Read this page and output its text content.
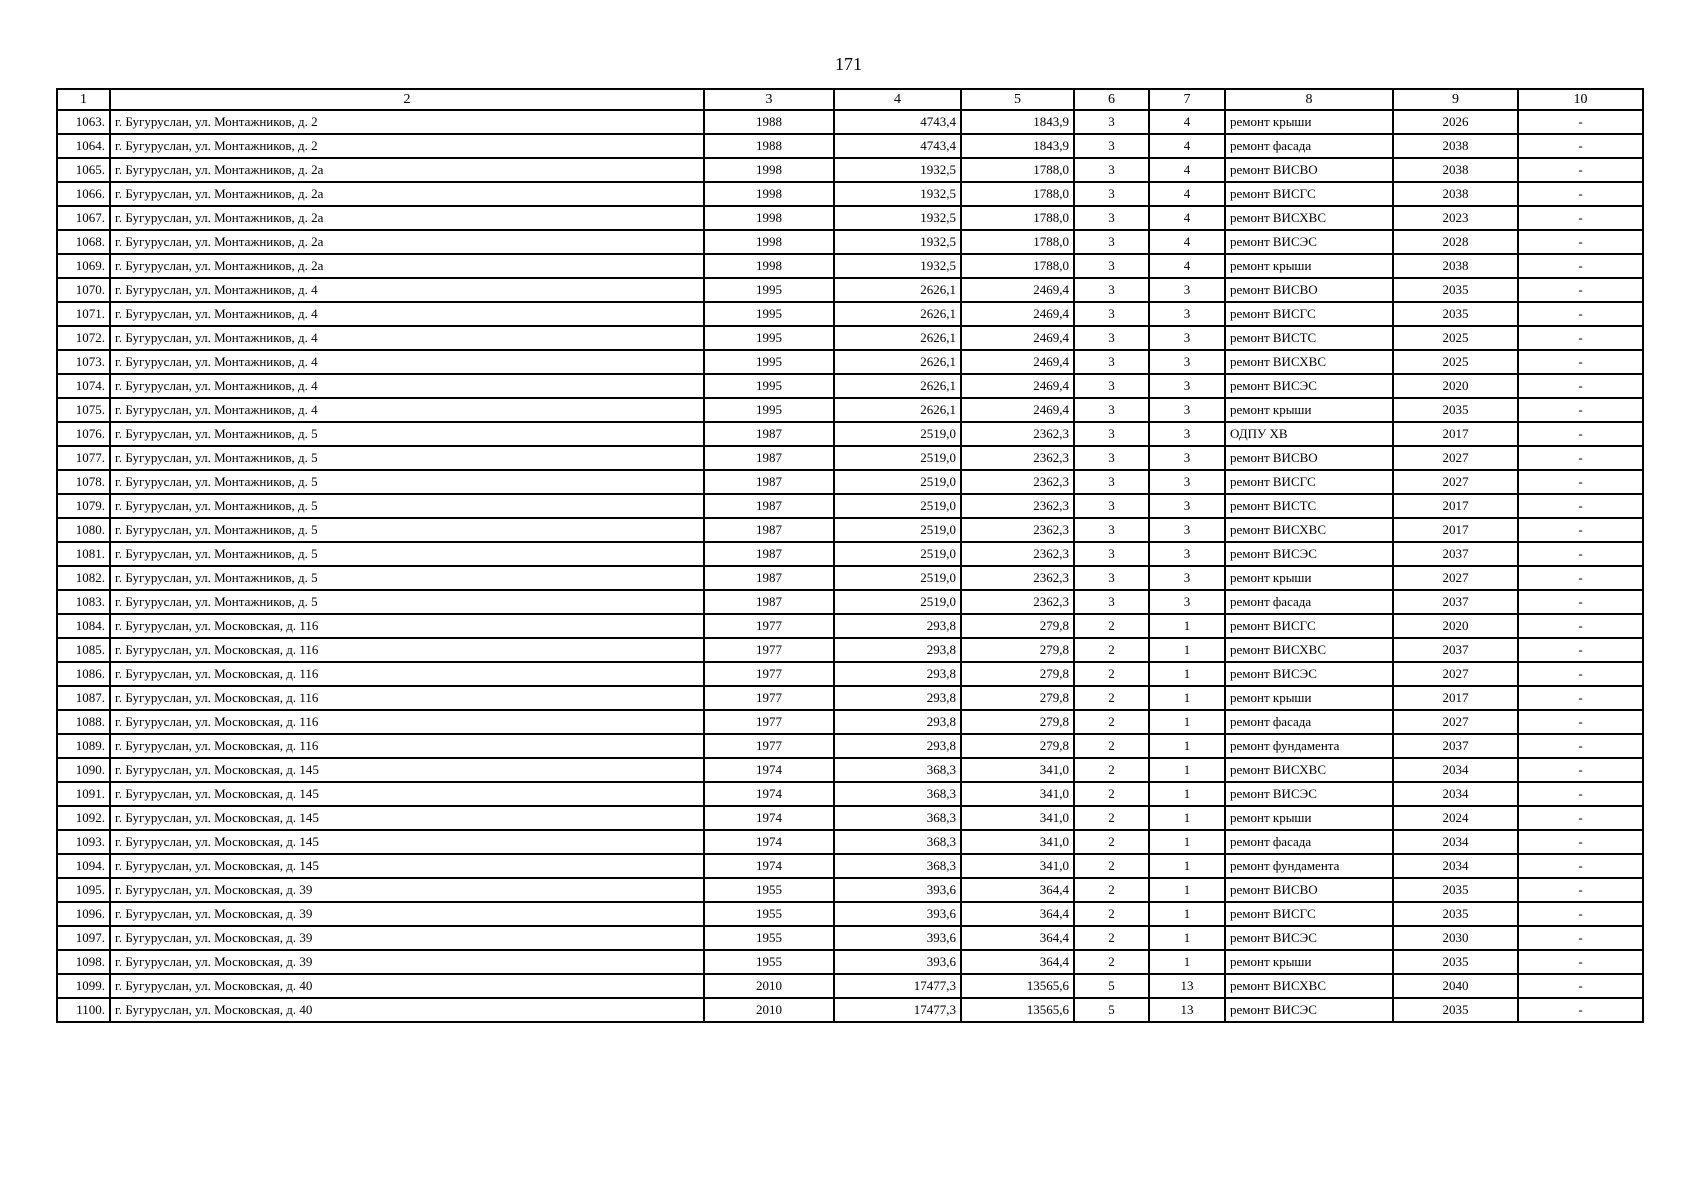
171
1	2	3	4	5	6	7	8	9	10
1063.	г. Бугуруслан, ул. Монтажников, д. 2	1988	4743,4	1843,9	3	4	ремонт крыши	2026	-
1064.	г. Бугуруслан, ул. Монтажников, д. 2	1988	4743,4	1843,9	3	4	ремонт фасада	2038	-
1065.	г. Бугуруслан, ул. Монтажников, д. 2а	1998	1932,5	1788,0	3	4	ремонт ВИСВО	2038	-
1066.	г. Бугуруслан, ул. Монтажников, д. 2а	1998	1932,5	1788,0	3	4	ремонт ВИСГС	2038	-
1067.	г. Бугуруслан, ул. Монтажников, д. 2а	1998	1932,5	1788,0	3	4	ремонт ВИСХВС	2023	-
1068.	г. Бугуруслан, ул. Монтажников, д. 2а	1998	1932,5	1788,0	3	4	ремонт ВИСЭС	2028	-
1069.	г. Бугуруслан, ул. Монтажников, д. 2а	1998	1932,5	1788,0	3	4	ремонт крыши	2038	-
1070.	г. Бугуруслан, ул. Монтажников, д. 4	1995	2626,1	2469,4	3	3	ремонт ВИСВО	2035	-
1071.	г. Бугуруслан, ул. Монтажников, д. 4	1995	2626,1	2469,4	3	3	ремонт ВИСГС	2035	-
1072.	г. Бугуруслан, ул. Монтажников, д. 4	1995	2626,1	2469,4	3	3	ремонт ВИСТС	2025	-
1073.	г. Бугуруслан, ул. Монтажников, д. 4	1995	2626,1	2469,4	3	3	ремонт ВИСХВС	2025	-
1074.	г. Бугуруслан, ул. Монтажников, д. 4	1995	2626,1	2469,4	3	3	ремонт ВИСЭС	2020	-
1075.	г. Бугуруслан, ул. Монтажников, д. 4	1995	2626,1	2469,4	3	3	ремонт крыши	2035	-
1076.	г. Бугуруслан, ул. Монтажников, д. 5	1987	2519,0	2362,3	3	3	ОДПУ ХВ	2017	-
1077.	г. Бугуруслан, ул. Монтажников, д. 5	1987	2519,0	2362,3	3	3	ремонт ВИСВО	2027	-
1078.	г. Бугуруслан, ул. Монтажников, д. 5	1987	2519,0	2362,3	3	3	ремонт ВИСГС	2027	-
1079.	г. Бугуруслан, ул. Монтажников, д. 5	1987	2519,0	2362,3	3	3	ремонт ВИСТС	2017	-
1080.	г. Бугуруслан, ул. Монтажников, д. 5	1987	2519,0	2362,3	3	3	ремонт ВИСХВС	2017	-
1081.	г. Бугуруслан, ул. Монтажников, д. 5	1987	2519,0	2362,3	3	3	ремонт ВИСЭС	2037	-
1082.	г. Бугуруслан, ул. Монтажников, д. 5	1987	2519,0	2362,3	3	3	ремонт крыши	2027	-
1083.	г. Бугуруслан, ул. Монтажников, д. 5	1987	2519,0	2362,3	3	3	ремонт фасада	2037	-
1084.	г. Бугуруслан, ул. Московская, д. 116	1977	293,8	279,8	2	1	ремонт ВИСГС	2020	-
1085.	г. Бугуруслан, ул. Московская, д. 116	1977	293,8	279,8	2	1	ремонт ВИСХВС	2037	-
1086.	г. Бугуруслан, ул. Московская, д. 116	1977	293,8	279,8	2	1	ремонт ВИСЭС	2027	-
1087.	г. Бугуруслан, ул. Московская, д. 116	1977	293,8	279,8	2	1	ремонт крыши	2017	-
1088.	г. Бугуруслан, ул. Московская, д. 116	1977	293,8	279,8	2	1	ремонт фасада	2027	-
1089.	г. Бугуруслан, ул. Московская, д. 116	1977	293,8	279,8	2	1	ремонт фундамента	2037	-
1090.	г. Бугуруслан, ул. Московская, д. 145	1974	368,3	341,0	2	1	ремонт ВИСХВС	2034	-
1091.	г. Бугуруслан, ул. Московская, д. 145	1974	368,3	341,0	2	1	ремонт ВИСЭС	2034	-
1092.	г. Бугуруслан, ул. Московская, д. 145	1974	368,3	341,0	2	1	ремонт крыши	2024	-
1093.	г. Бугуруслан, ул. Московская, д. 145	1974	368,3	341,0	2	1	ремонт фасада	2034	-
1094.	г. Бугуруслан, ул. Московская, д. 145	1974	368,3	341,0	2	1	ремонт фундамента	2034	-
1095.	г. Бугуруслан, ул. Московская, д. 39	1955	393,6	364,4	2	1	ремонт ВИСВО	2035	-
1096.	г. Бугуруслан, ул. Московская, д. 39	1955	393,6	364,4	2	1	ремонт ВИСГС	2035	-
1097.	г. Бугуруслан, ул. Московская, д. 39	1955	393,6	364,4	2	1	ремонт ВИСЭС	2030	-
1098.	г. Бугуруслан, ул. Московская, д. 39	1955	393,6	364,4	2	1	ремонт крыши	2035	-
1099.	г. Бугуруслан, ул. Московская, д. 40	2010	17477,3	13565,6	5	13	ремонт ВИСХВС	2040	-
1100.	г. Бугуруслан, ул. Московская, д. 40	2010	17477,3	13565,6	5	13	ремонт ВИСЭС	2035	-
